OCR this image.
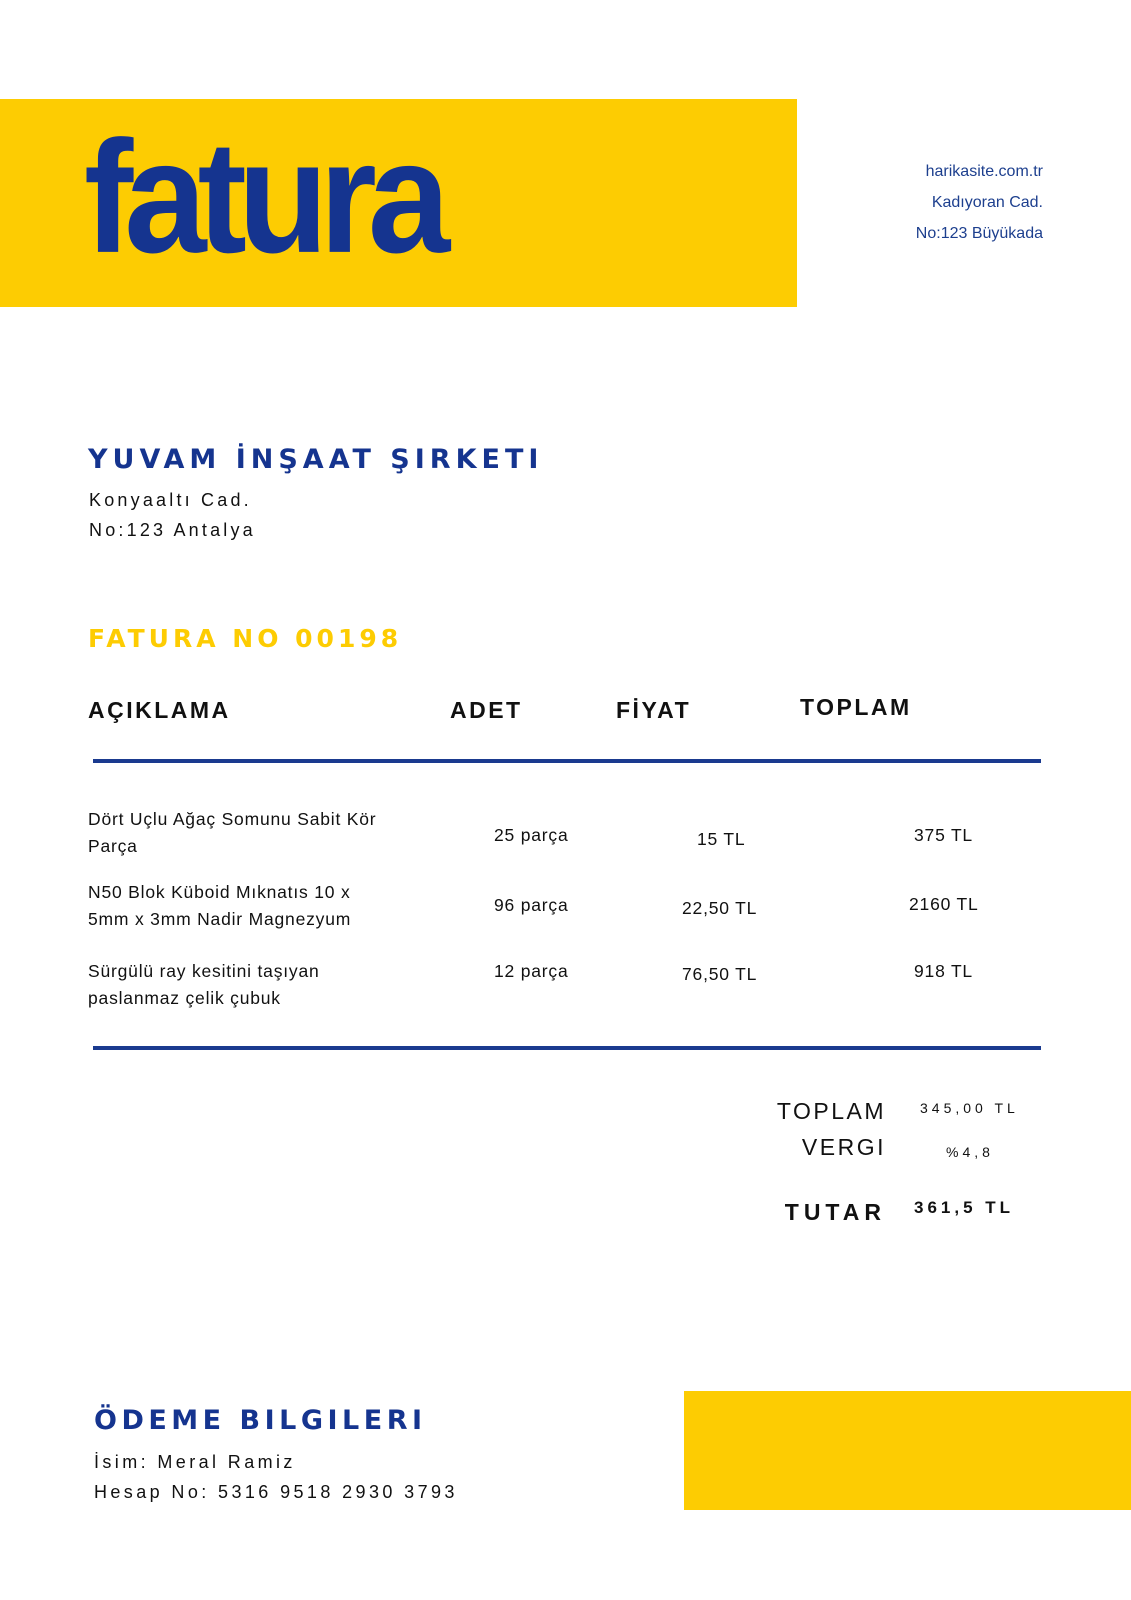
fatura	harikasite.com.tr
Kadıyoran Cad.
No:123 Büyükada
YUVAM İNŞAAT ŞIRKETI
Konyaaltı Cad.
No:123 Antalya
FATURA NO 00198
AÇIKLAMA	ADET	FİYAT	TOPLAM
Dört Uçlu Ağaç Somunu Sabit Kör
Parça
25 parça	15 TL	375 TL
N50 Blok Küboid Mıknatıs 10 x
5mm x 3mm Nadir Magnezyum
96 parça	22,50 TL	2160 TL
Sürgülü ray kesitini taşıyan
paslanmaz çelik çubuk
12 parça	76,50 TL	918 TL
TOPLAM 345,00 TL
VERGI	%4,8
TUTAR 361,5 TL
ÖDEME BILGILERI
İsim: Meral Ramiz
Hesap No: 5316 9518 2930 3793
